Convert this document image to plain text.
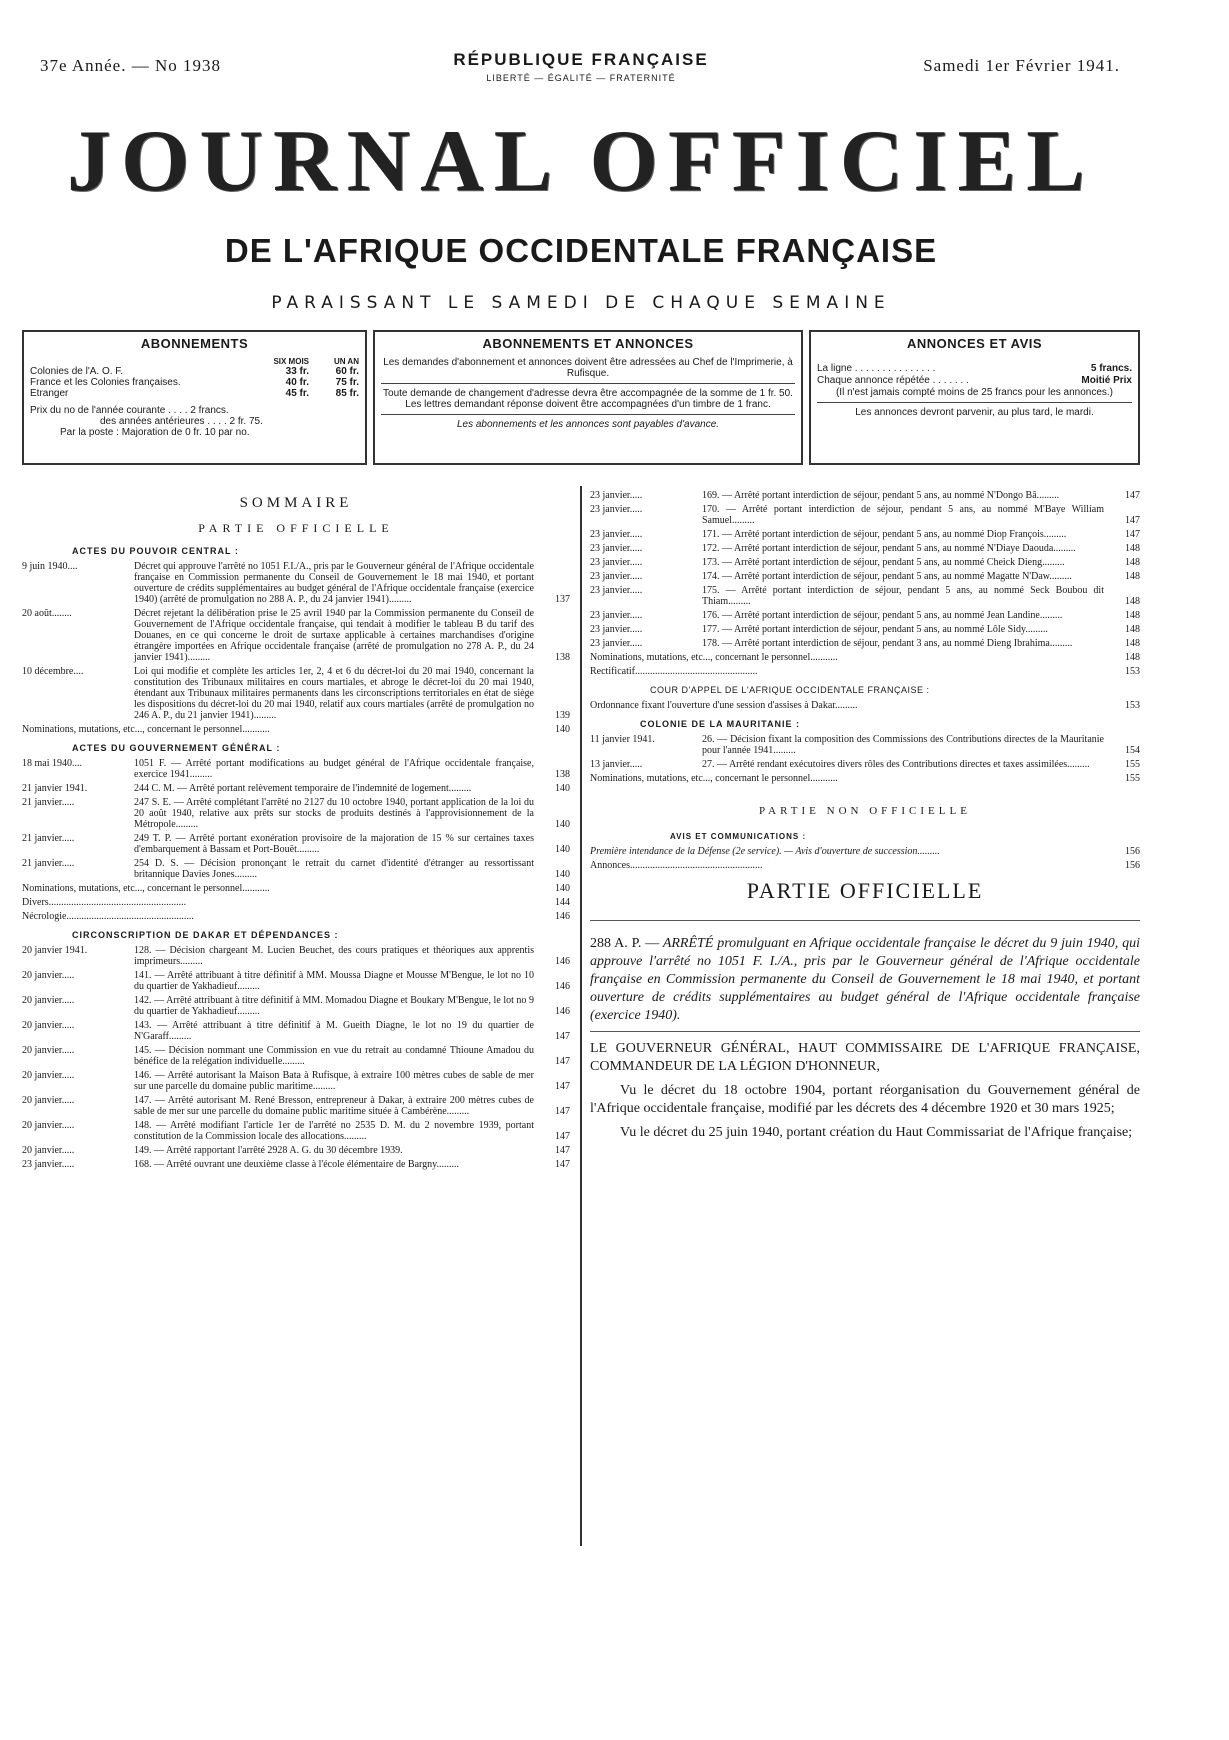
37e Année. — No 1938	RÉPUBLIQUE FRANÇAISE
LIBERTÉ — ÉGALITÉ — FRATERNITÉ
Samedi 1er Février 1941.
JOURNAL OFFICIEL
DE L'AFRIQUE OCCIDENTALE FRANÇAISE
PARAISSANT LE SAMEDI DE CHAQUE SEMAINE
ABONNEMENTS
SIX MOIS	UN AN
Colonies de l'A. O. F.	33 fr.	60 fr.
France et les Colonies françaises.	40 fr.	75 fr.
Etranger	45 fr.	85 fr.
Prix du no de l'année courante . . . . 2 francs.
des années antérieures . . . . 2 fr. 75.
Par la poste : Majoration de 0 fr. 10 par no.
ABONNEMENTS ET ANNONCES

Les demandes d'abonnement et annonces doivent être adressées au Chef de l'Imprimerie, à Rufisque.

Toute demande de changement d'adresse devra être accompagnée de la somme de 1 fr. 50. Les lettres demandant réponse doivent être accompagnées d'un timbre de 1 franc.

Les abonnements et les annonces sont payables d'avance.

ANNONCES ET AVIS
La ligne . . . . . . . . . . . . . . .	5 francs.
Chaque annonce répétée . . . . . . .	Moitié Prix
(Il n'est jamais compté moins de 25 francs pour les annonces.)
Les annonces devront parvenir, au plus tard, le mardi.
SOMMAIRE
PARTIE OFFICIELLE
ACTES DU POUVOIR CENTRAL :
9 juin 1940....	Décret qui approuve l'arrêté no 1051 F.I./A., pris par le Gouverneur général de l'Afrique occidentale française en Commission permanente du Conseil de Gouvernement le 18 mai 1940, et portant ouverture de crédits supplémentaires au budget général de l'Afrique occidentale française (exercice 1940) (arrêté de promulgation no 288 A. P., du 24 janvier 1941).........	137
20 août........	Décret rejetant la délibération prise le 25 avril 1940 par la Commission permanente du Conseil de Gouvernement de l'Afrique occidentale française, qui tendait à modifier le tableau B du tarif des Douanes, en ce qui concerne le droit de surtaxe applicable à certaines marchandises d'origine étrangère importées en Afrique occidentale française (arrêté de promulgation no 278 A. P., du 24 janvier 1941).........	138
10 décembre....	Loi qui modifie et complète les articles 1er, 2, 4 et 6 du décret-loi du 20 mai 1940, concernant la constitution des Tribunaux militaires en cours martiales, et abroge le décret-loi du 20 mai 1940, étendant aux Tribunaux militaires permanents dans les circonscriptions territoriales en état de siège les dispositions du décret-loi du 20 mai 1940, relatif aux cours martiales (arrêté de promulgation no 246 A. P., du 21 janvier 1941).........	139
Nominations, mutations, etc..., concernant le personnel...........	140
ACTES DU GOUVERNEMENT GÉNÉRAL :
18 mai 1940....	1051 F. — Arrêté portant modifications au budget général de l'Afrique occidentale française, exercice 1941.........	138
21 janvier 1941.	244 C. M. — Arrêté portant relèvement temporaire de l'indemnité de logement.........	140
21 janvier.....	247 S. E. — Arrêté complétant l'arrêté no 2127 du 10 octobre 1940, portant application de la loi du 20 août 1940, relative aux prêts sur stocks de produits destinés à l'approvisionnement de la Métropole.........	140
21 janvier.....	249 T. P. — Arrêté portant exonération provisoire de la majoration de 15 % sur certaines taxes d'embarquement à Bassam et Port-Bouët.........	140
21 janvier.....	254 D. S. — Décision prononçant le retrait du carnet d'identité d'étranger au ressortissant britannique Davies Jones.........	140
Nominations, mutations, etc..., concernant le personnel...........	140
Divers.......................................................	144
Nécrologie...................................................	146
CIRCONSCRIPTION DE DAKAR ET DÉPENDANCES :
20 janvier 1941.	128. — Décision chargeant M. Lucien Beuchet, des cours pratiques et théoriques aux apprentis imprimeurs.........	146
20 janvier.....	141. — Arrêté attribuant à titre définitif à MM. Moussa Diagne et Mousse M'Bengue, le lot no 10 du quartier de Yakhadieuf.........	146
20 janvier.....	142. — Arrêté attribuant à titre définitif à MM. Momadou Diagne et Boukary M'Bengue, le lot no 9 du quartier de Yakhadieuf.........	146
20 janvier.....	143. — Arrêté attribuant à titre définitif à M. Gueith Diagne, le lot no 19 du quartier de N'Garaff.........	147
20 janvier.....	145. — Décision nommant une Commission en vue du retrait au condamné Thioune Amadou du bénéfice de la relégation individuelle.........	147
20 janvier.....	146. — Arrêté autorisant la Maison Bata à Rufisque, à extraire 100 mètres cubes de sable de mer sur une parcelle du domaine public maritime.........	147
20 janvier.....	147. — Arrêté autorisant M. René Bresson, entrepreneur à Dakar, à extraire 200 mètres cubes de sable de mer sur une parcelle du domaine public maritime située à Cambérène.........	147
20 janvier.....	148. — Arrêté modifiant l'article 1er de l'arrêté no 2535 D. M. du 2 novembre 1939, portant constitution de la Commission locale des allocations.........	147
20 janvier.....	149. — Arrêté rapportant l'arrêté 2928 A. G. du 30 décembre 1939.	147
23 janvier.....	168. — Arrêté ouvrant une deuxième classe à l'école élémentaire de Bargny.........	147
23 janvier.....	169. — Arrêté portant interdiction de séjour, pendant 5 ans, au nommé N'Dongo Bâ.........	147
23 janvier.....	170. — Arrêté portant interdiction de séjour, pendant 5 ans, au nommé M'Baye William Samuel.........	147
23 janvier.....	171. — Arrêté portant interdiction de séjour, pendant 5 ans, au nommé Diop François.........	147
23 janvier.....	172. — Arrêté portant interdiction de séjour, pendant 5 ans, au nommé N'Diaye Daouda.........	148
23 janvier.....	173. — Arrêté portant interdiction de séjour, pendant 5 ans, au nommé Cheick Dieng.........	148
23 janvier.....	174. — Arrêté portant interdiction de séjour, pendant 5 ans, au nommé Magatte N'Daw.........	148
23 janvier.....	175. — Arrêté portant interdiction de séjour, pendant 5 ans, au nommé Seck Boubou dit Thiam.........	148
23 janvier.....	176. — Arrêté portant interdiction de séjour, pendant 5 ans, au nommé Jean Landine.........	148
23 janvier.....	177. — Arrêté portant interdiction de séjour, pendant 5 ans, au nommé Lôle Sidy.........	148
23 janvier.....	178. — Arrêté portant interdiction de séjour, pendant 3 ans, au nommé Dieng Ibrahima.........	148
Nominations, mutations, etc..., concernant le personnel...........	148
Rectificatif.................................................	153
COUR D'APPEL DE L'AFRIQUE OCCIDENTALE FRANÇAISE :
Ordonnance fixant l'ouverture d'une session d'assises à Dakar.........	153
COLONIE DE LA MAURITANIE :
11 janvier 1941.	26. — Décision fixant la composition des Commissions des Contributions directes de la Mauritanie pour l'année 1941.........	154
13 janvier.....	27. — Arrêté rendant exécutoires divers rôles des Contributions directes et taxes assimilées.........	155
Nominations, mutations, etc..., concernant le personnel...........	155
PARTIE NON OFFICIELLE
AVIS ET COMMUNICATIONS :
Première intendance de la Défense (2e service). — Avis d'ouverture de succession.........	156
Annonces.....................................................	156
PARTIE OFFICIELLE
288 A. P. — ARRÊTÉ promulguant en Afrique occidentale française le décret du 9 juin 1940, qui approuve l'arrêté no 1051 F. I./A., pris par le Gouverneur général de l'Afrique occidentale française en Commission permanente du Conseil de Gouvernement le 18 mai 1940, et portant ouverture de crédits supplémentaires au budget général de l'Afrique occidentale française (exercice 1940).

LE GOUVERNEUR GÉNÉRAL, HAUT COMMISSAIRE DE L'AFRIQUE FRANÇAISE, COMMANDEUR DE LA LÉGION D'HONNEUR,

Vu le décret du 18 octobre 1904, portant réorganisation du Gouvernement général de l'Afrique occidentale française, modifié par les décrets des 4 décembre 1920 et 30 mars 1925;

Vu le décret du 25 juin 1940, portant création du Haut Commissariat de l'Afrique française;
